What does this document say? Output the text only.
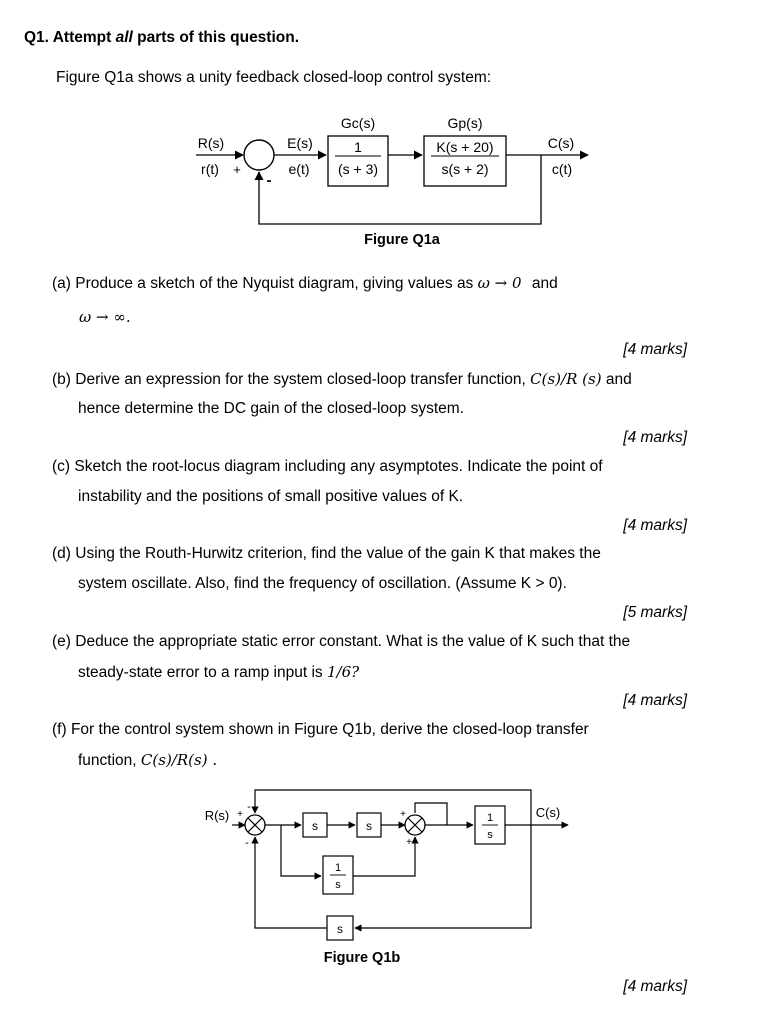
Q1. Attempt all parts of this question.
Figure Q1a shows a unity feedback closed-loop control system:
1
(s + 3)
Gc(s)
K(s + 20)
s(s + 2)
Gp(s)
R(s)
r(t) +
-
E(s)
e(t)
C(s)
c(t)
Figure Q1a
(a) Produce a sketch of the Nyquist diagram, giving values as ω → 0 and
ω → ∞.
[4 marks]
(b) Derive an expression for the system closed-loop transfer function, C(s)/R (s) and
hence determine the DC gain of the closed-loop system.
[4 marks]
(c) Sketch the root-locus diagram including any asymptotes. Indicate the point of
instability and the positions of small positive values of K.
[4 marks]
(d) Using the Routh-Hurwitz criterion, find the value of the gain K that makes the
system oscillate. Also, find the frequency of oscillation. (Assume K > 0).
[5 marks]
(e) Deduce the appropriate static error constant. What is the value of K such that the
steady-state error to a ramp input is 1/6?
[4 marks]
(f) For the control system shown in Figure Q1b, derive the closed-loop transfer
function, C(s)/R(s) .
s	s
1
s
C(s)
R(s)
1
s
s
+
-
-
+
+
Figure Q1b
[4 marks]
